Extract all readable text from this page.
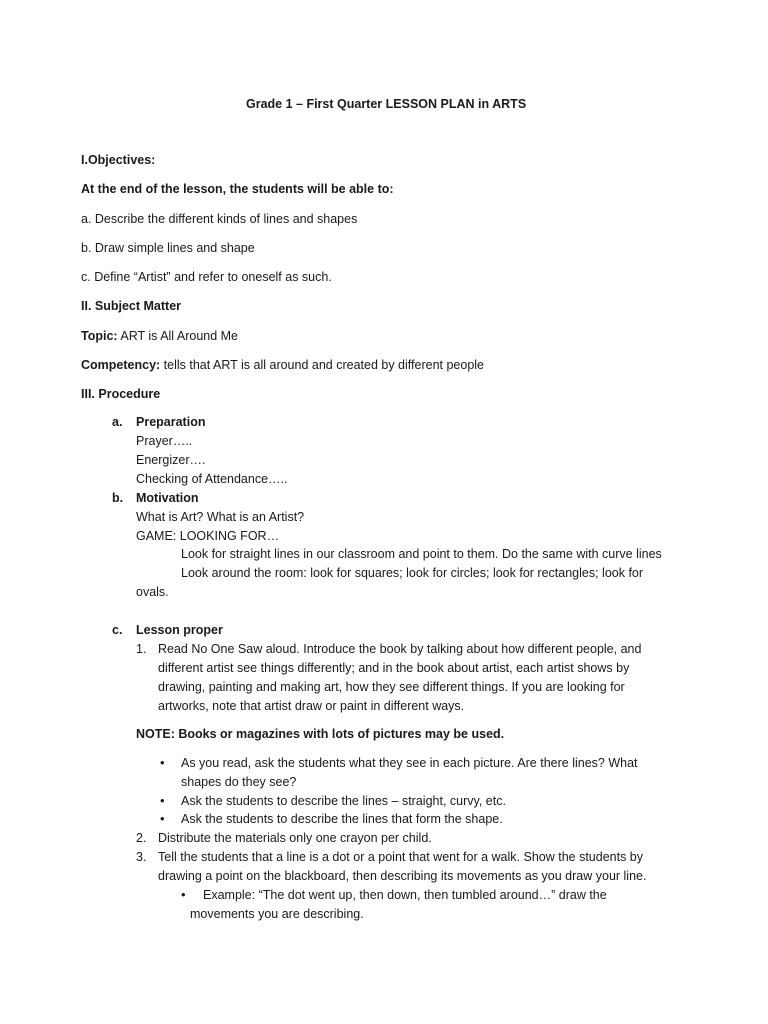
Grade 1 – First Quarter LESSON PLAN in ARTS
I.Objectives:
At the end of the lesson, the students will be able to:
a. Describe the different kinds of lines and shapes
b. Draw simple lines and shape
c. Define “Artist” and refer to oneself as such.
II. Subject Matter
Topic: ART is All Around Me
Competency: tells that ART is all around and created by different people
III. Procedure
a. Preparation
Prayer…..
Energizer….
Checking of Attendance…..
b. Motivation
What is Art? What is an Artist?
GAME: LOOKING FOR…
Look for straight lines in our classroom and point to them. Do the same with curve lines
Look around the room: look for squares; look for circles; look for rectangles; look for
ovals.
c. Lesson proper
1. Read No One Saw aloud. Introduce the book by talking about how different people, and
different artist see things differently; and in the book about artist, each artist shows by
drawing, painting and making art, how they see different things. If you are looking for
artworks, note that artist draw or paint in different ways.
NOTE: Books or magazines with lots of pictures may be used.
• As you read, ask the students what they see in each picture. Are there lines? What
shapes do they see?
• Ask the students to describe the lines – straight, curvy, etc.
• Ask the students to describe the lines that form the shape.
2. Distribute the materials only one crayon per child.
3. Tell the students that a line is a dot or a point that went for a walk. Show the students by
drawing a point on the blackboard, then describing its movements as you draw your line.
• Example: “The dot went up, then down, then tumbled around…” draw the
movements you are describing.
